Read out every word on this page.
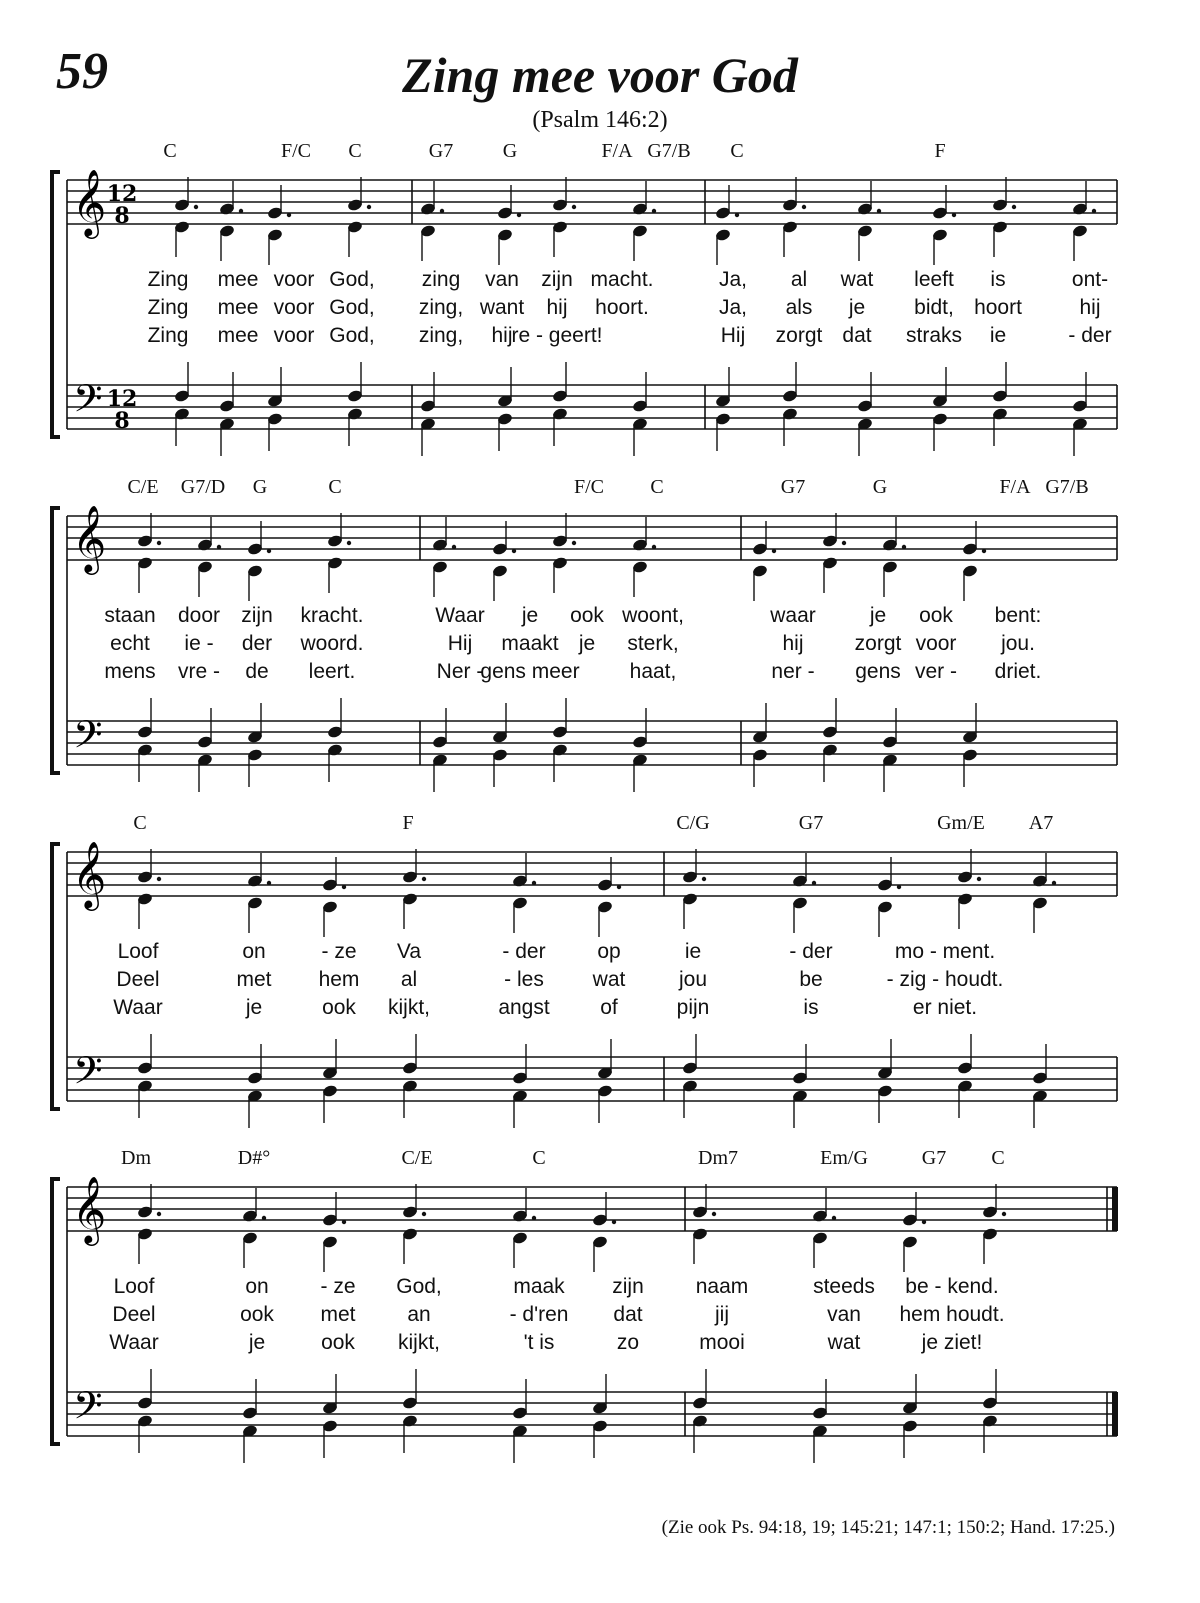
59	Zing mee voor God
(Psalm 146:2)
𝄞
𝄢
12
8
12
8
C	F/C C	G7 G	F/A G7/B C	F
Zing mee voor God, zing van zijn macht.	Ja, al wat leeft is	ont-
Zing mee voor God, zing, want hij hoort.	Ja, als je bidt, hoort	hij
Zing mee voor God, zing, hij
re - geert!	Hij zorgt dat straks ie	- der
𝄞
𝄢
C/E G7/D G	C	F/C C	G7	G	F/A G7/B
staan door zijn kracht.	Waar je ook woont,	waar	je ook bent:
echt ie - der woord.	Hij maakt je sterk,	hij zorgt voor jou.
mens vre - de leert.	Ner -
gens meer haat,	ner - gens ver - driet.
𝄞
𝄢
C	F	C/G	G7	Gm/E A7
Loof	on	- ze Va	- der op	ie	- der	mo - ment.
Deel	met hem al	- les wat	jou	be	- zig - houdt.
Waar	je	ook kijkt,	angst of	pijn	is	er niet.
𝄞
𝄢
Dm	D#°	C/E	C	Dm7	Em/G	G7 C
Loof	on - ze God,	maak zijn naam	steeds be - kend.
Deel	ook met an	- d'ren dat	jij	van hem houdt.
Waar	je	ook kijkt,	't is	zo	mooi	wat	je ziet!
(Zie ook Ps. 94:18, 19; 145:21; 147:1; 150:2; Hand. 17:25.)
